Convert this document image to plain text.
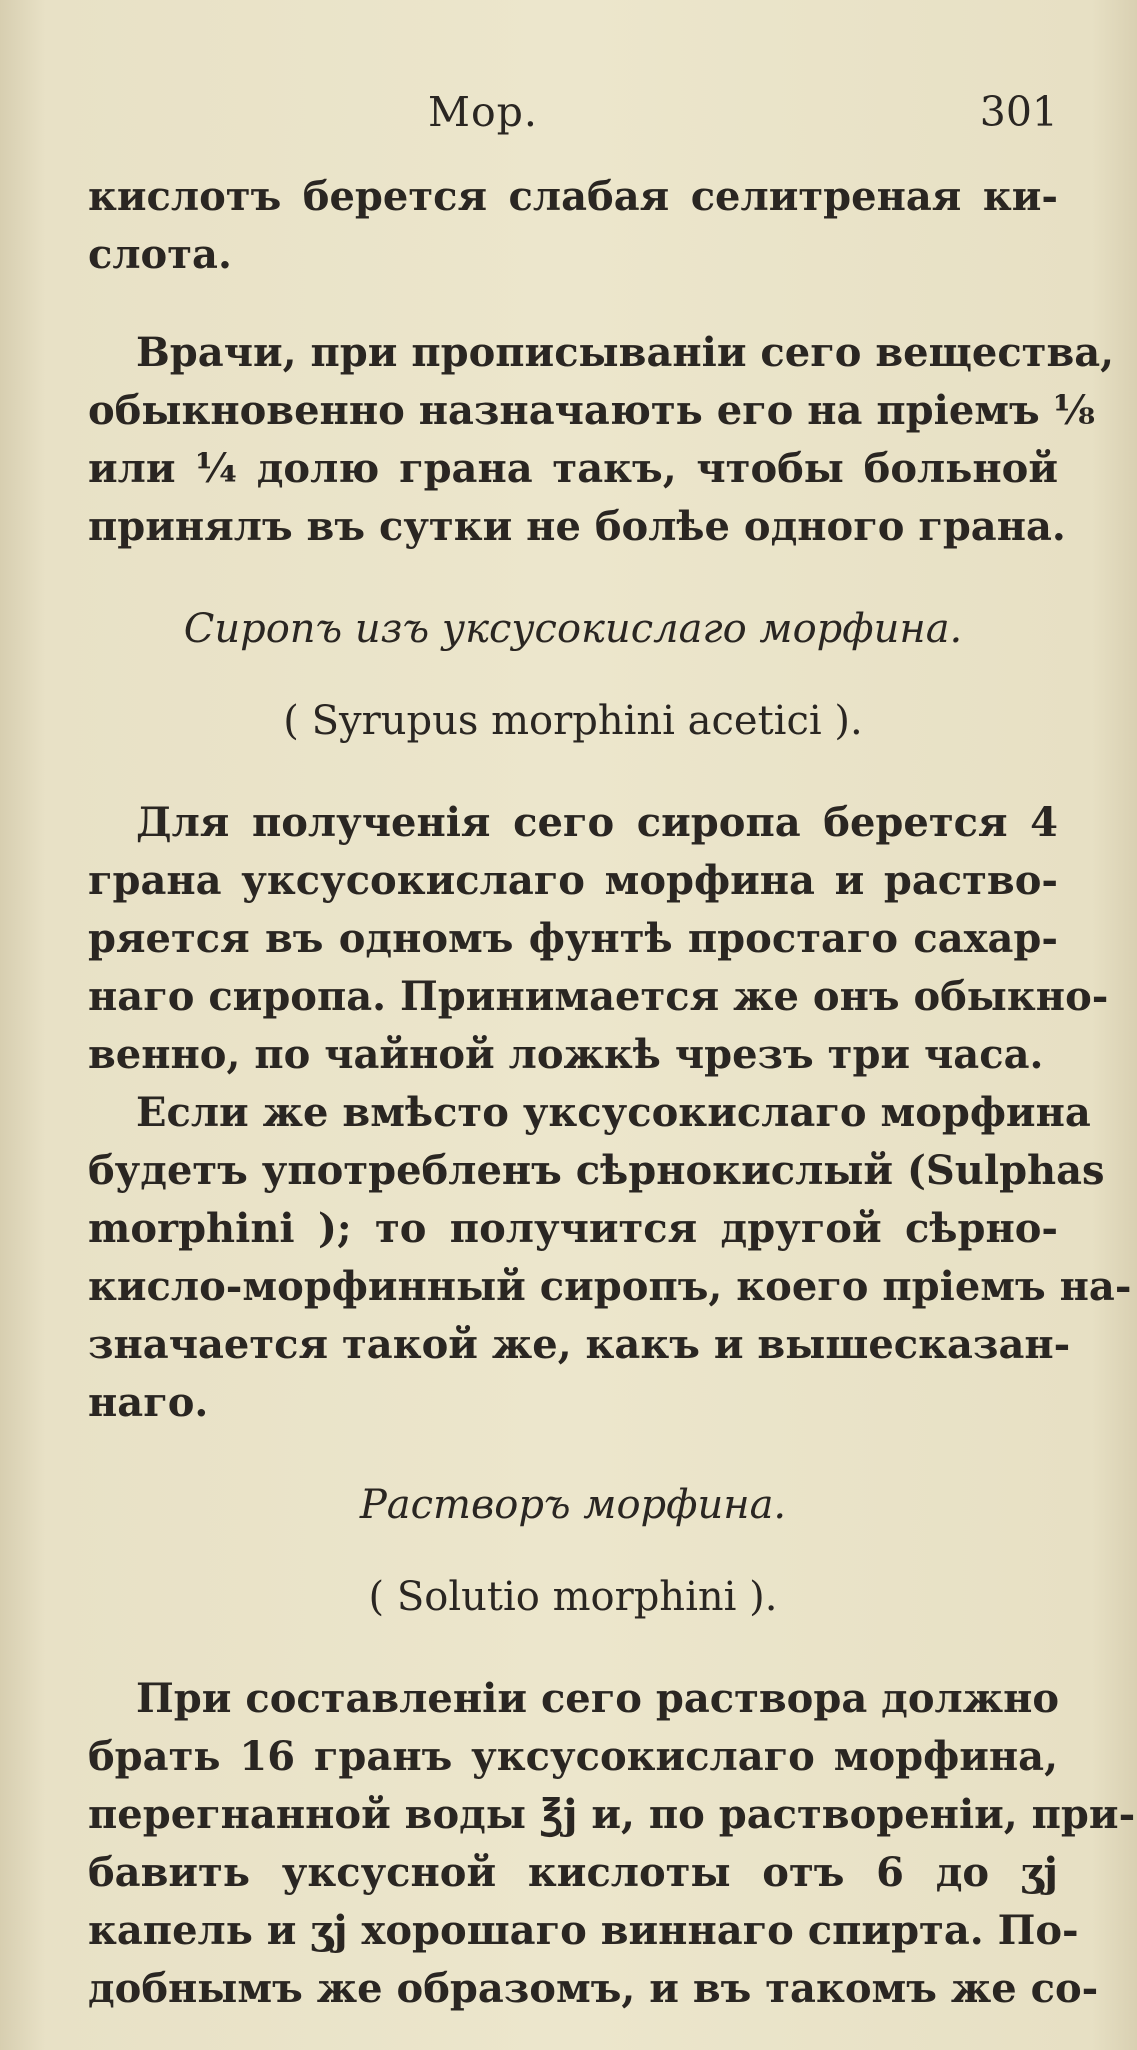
Мор.	301
кислотъ берется слабая селитреная ки-
слота.
Врачи, при прописываніи сего вещества,
обыкновенно назначають его на пріемъ ⅛
или ¼ долю грана такъ, чтобы больной
принялъ въ сутки не болѣе одного грана.
Сиропъ изъ уксусокислаго морфина.
( Syrupus morphini acetici ).
Для полученія сего сиропа берется 4
грана уксусокислаго морфина и раство-
ряется въ одномъ фунтѣ простаго сахар-
наго сиропа. Принимается же онъ обыкно-
венно, по чайной ложкѣ чрезъ три часа.
Если же вмѣсто уксусокислаго морфина
будетъ употребленъ сѣрнокислый (Sulphas
morphini ); то получится другой сѣрно-
кисло-морфинный сиропъ, коего пріемъ на-
значается такой же, какъ и вышесказан-
наго.
Растворъ морфина.
( Solutio morphini ).
При составленіи сего раствора должно
брать 16 гранъ уксусокислаго морфина,
перегнанной воды ℥j и, по растворенiи, при-
бавить уксусной кислоты отъ 6 до ʒj
капель и ʒj хорошаго виннаго спирта. По-
добнымъ же образомъ, и въ такомъ же со-
